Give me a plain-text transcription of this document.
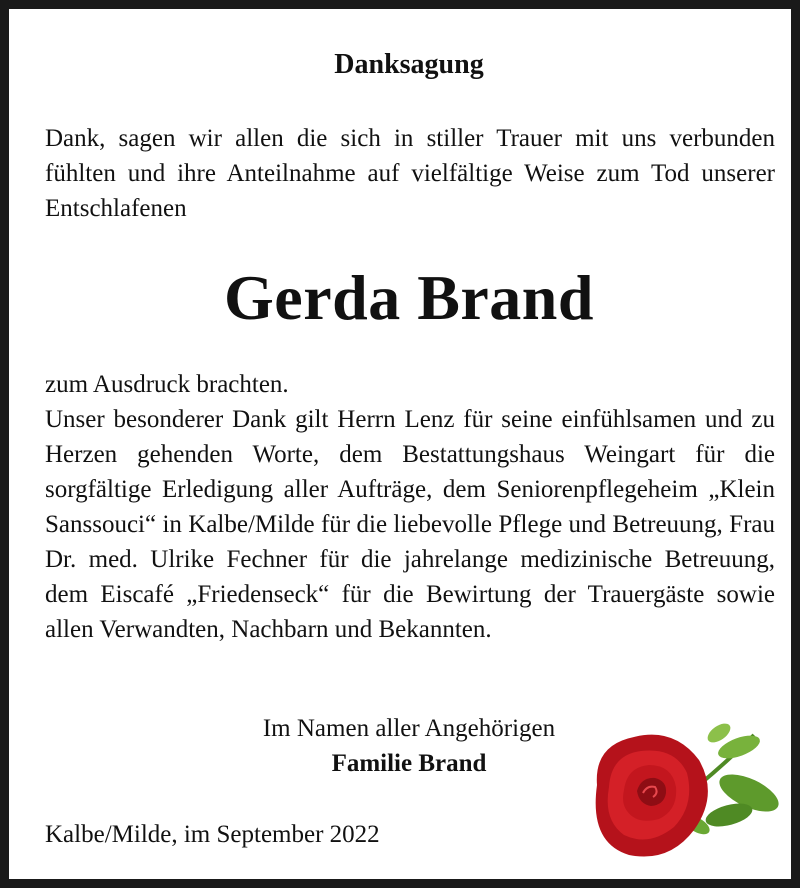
Danksagung
Dank, sagen wir allen die sich in stiller Trauer mit uns verbunden fühlten und ihre Anteilnahme auf vielfältige Weise zum Tod unserer Entschlafenen
Gerda Brand

zum Ausdruck brachten.

Unser besonderer Dank gilt Herrn Lenz für seine einfühlsamen und zu Herzen gehenden Worte, dem Bestattungshaus Weingart für die sorgfältige Erledigung aller Aufträge, dem Seniorenpflegeheim „Klein Sanssouci“ in Kalbe/Milde für die liebevolle Pflege und Betreuung, Frau Dr. med. Ulrike Fechner für die jahrelange medizinische Betreuung, dem Eiscafé „Friedenseck“ für die Bewirtung der Trauergäste sowie allen Verwandten, Nachbarn und Bekannten.

Im Namen aller Angehörigen
Familie Brand
Kalbe/Milde, im September 2022
